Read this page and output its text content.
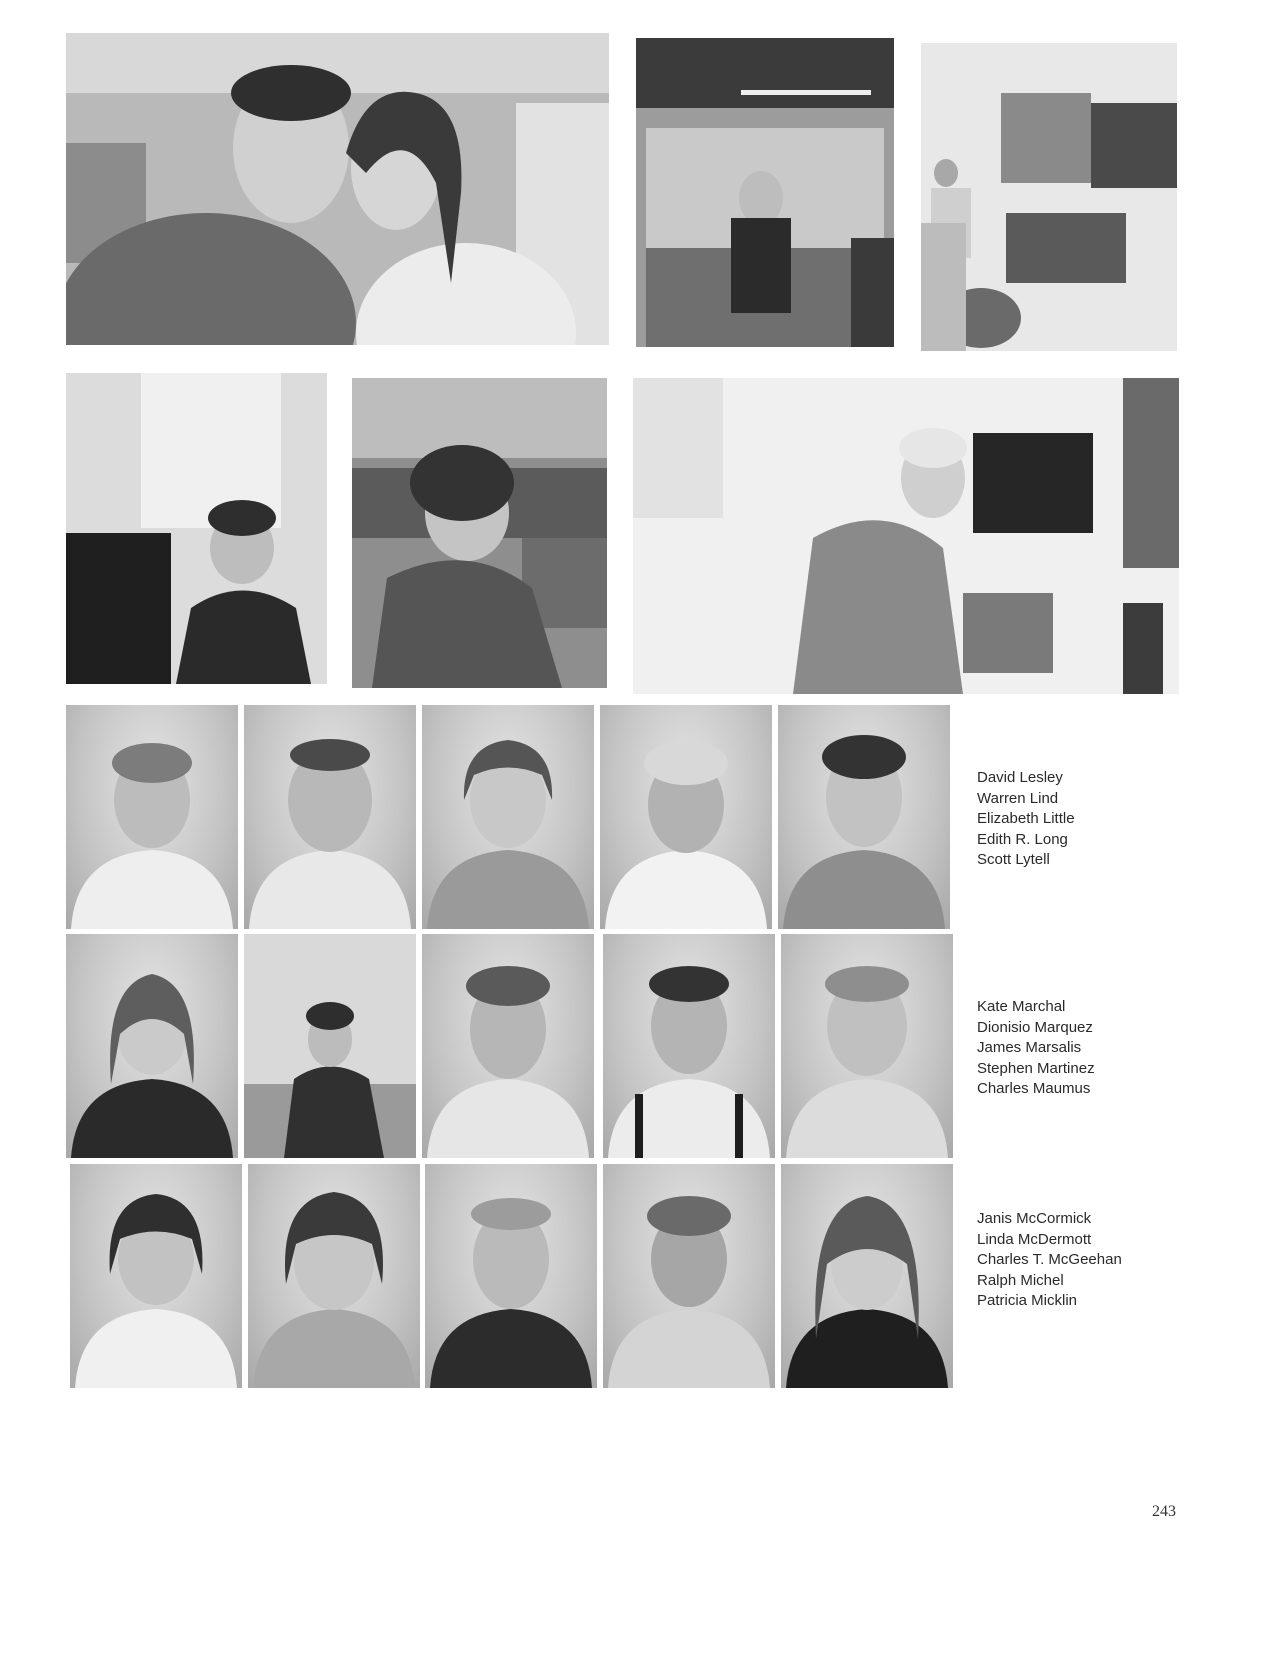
David Lesley
Warren Lind
Elizabeth Little
Edith R. Long
Scott Lytell
Kate Marchal
Dionisio Marquez
James Marsalis
Stephen Martinez
Charles Maumus
Janis McCormick
Linda McDermott
Charles T. McGeehan
Ralph Michel
Patricia Micklin
243
